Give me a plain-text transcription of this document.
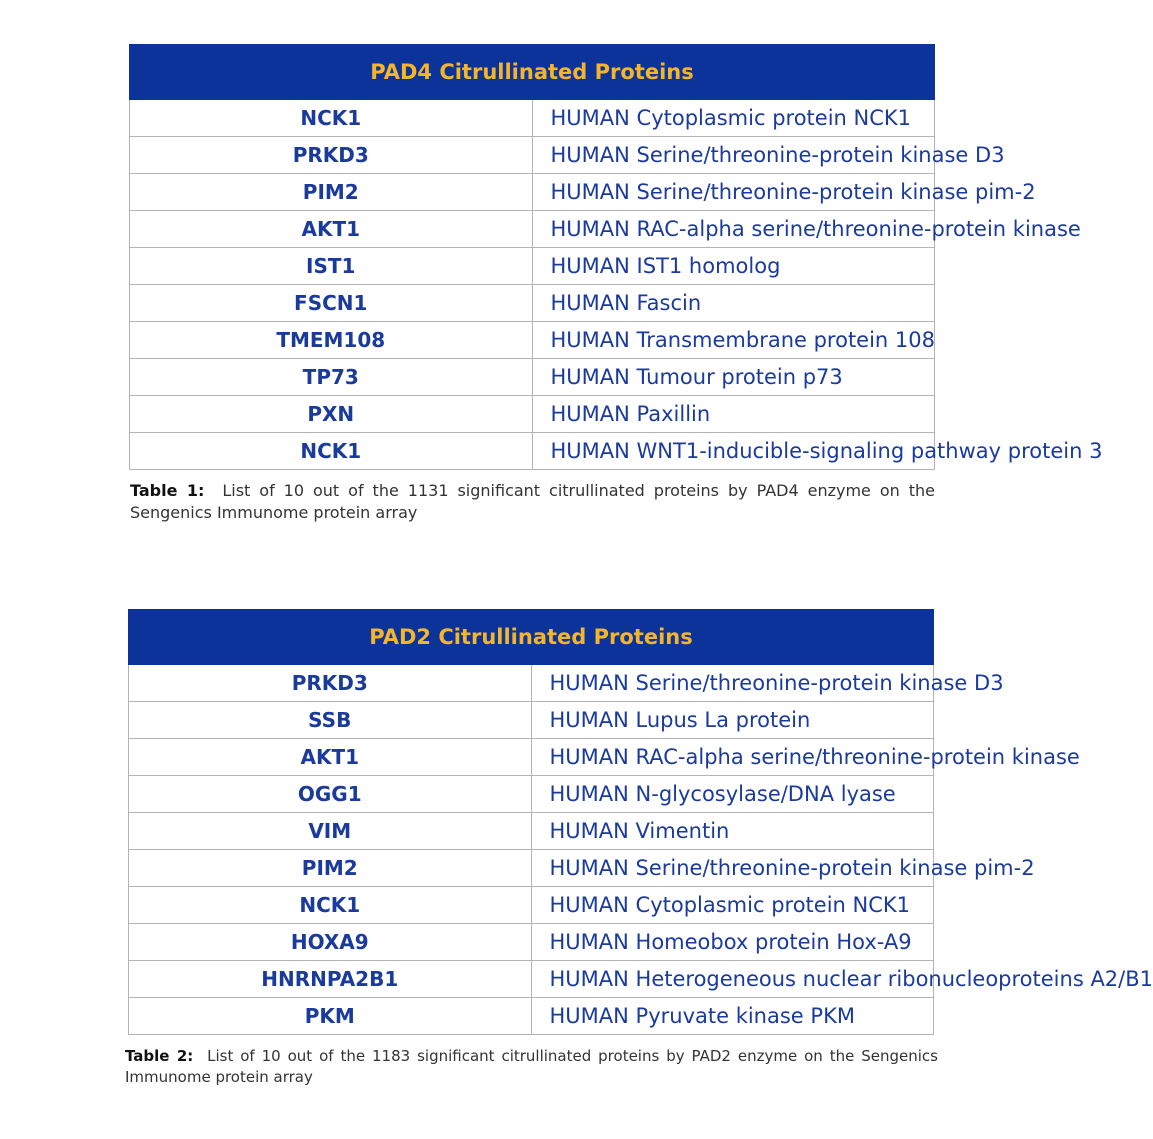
PAD4 Citrullinated Proteins	
NCK1	HUMAN Cytoplasmic protein NCK1
PRKD3	HUMAN Serine/threonine-protein kinase D3
PIM2	HUMAN Serine/threonine-protein kinase pim-2
AKT1	HUMAN RAC-alpha serine/threonine-protein kinase
IST1	HUMAN IST1 homolog
FSCN1	HUMAN Fascin
TMEM108	HUMAN Transmembrane protein 108
TP73	HUMAN Tumour protein p73
PXN	HUMAN Paxillin
NCK1	HUMAN WNT1-inducible-signaling pathway protein 3

Table 1: List of 10 out of the 1131 significant citrullinated proteins by PAD4 enzyme on the Sengenics Immunome protein array

PAD2 Citrullinated Proteins	
PRKD3	HUMAN Serine/threonine-protein kinase D3
SSB	HUMAN Lupus La protein
AKT1	HUMAN RAC-alpha serine/threonine-protein kinase
OGG1	HUMAN N-glycosylase/DNA lyase
VIM	HUMAN Vimentin
PIM2	HUMAN Serine/threonine-protein kinase pim-2
NCK1	HUMAN Cytoplasmic protein NCK1
HOXA9	HUMAN Homeobox protein Hox-A9
HNRNPA2B1	HUMAN Heterogeneous nuclear ribonucleoproteins A2/B1
PKM	HUMAN Pyruvate kinase PKM

Table 2: List of 10 out of the 1183 significant citrullinated proteins by PAD2 enzyme on the Sengenics Immunome protein array
